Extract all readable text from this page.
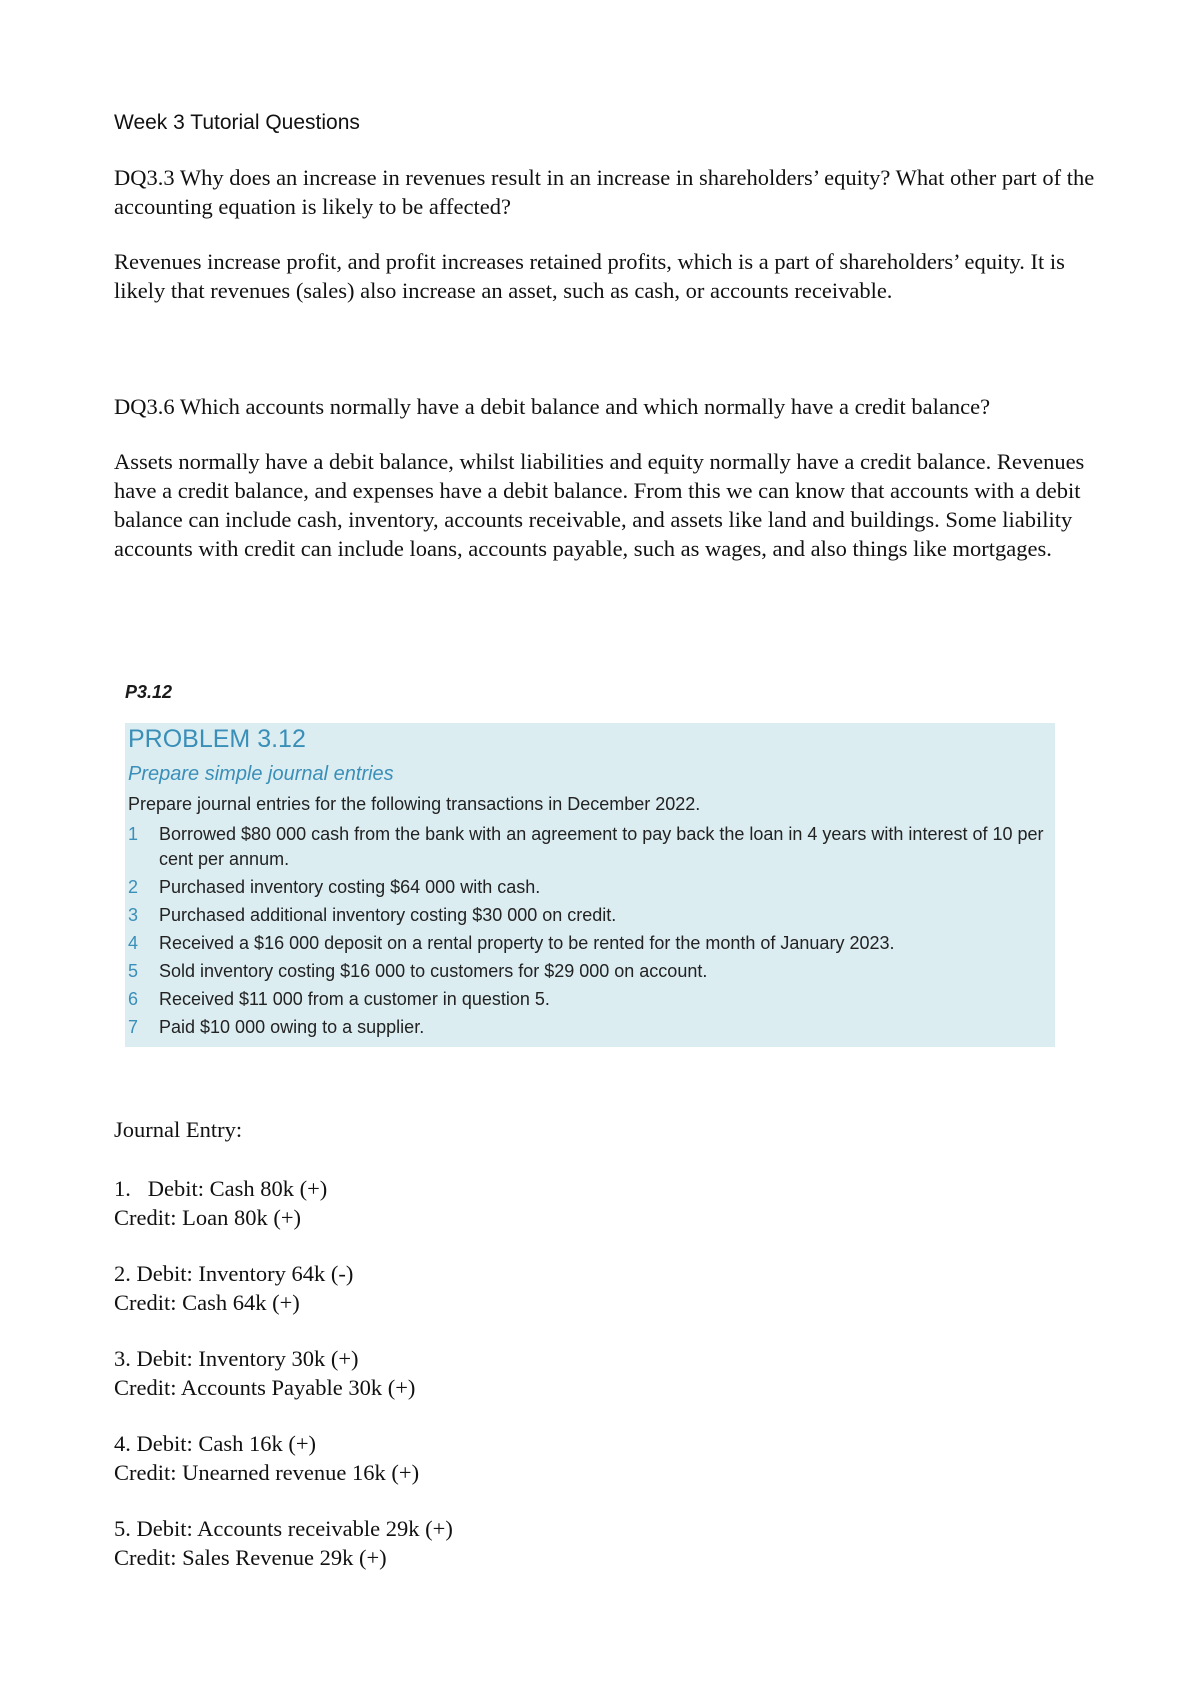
Week 3 Tutorial Questions

DQ3.3 Why does an increase in revenues result in an increase in shareholders’ equity? What other part of the accounting equation is likely to be affected?

Revenues increase profit, and profit increases retained profits, which is a part of shareholders’ equity. It is likely that revenues (sales) also increase an asset, such as cash, or accounts receivable.

DQ3.6 Which accounts normally have a debit balance and which normally have a credit balance?

Assets normally have a debit balance, whilst liabilities and equity normally have a credit balance. Revenues have a credit balance, and expenses have a debit balance. From this we can know that accounts with a debit balance can include cash, inventory, accounts receivable, and assets like land and buildings. Some liability accounts with credit can include loans, accounts payable, such as wages, and also things like mortgages.

P3.12
PROBLEM 3.12
Prepare simple journal entries
Prepare journal entries for the following transactions in December 2022.
1	Borrowed $80 000 cash from the bank with an agreement to pay back the loan in 4 years with interest of 10 per cent per annum.
2	Purchased inventory costing $64 000 with cash.
3	Purchased additional inventory costing $30 000 on credit.
4	Received a $16 000 deposit on a rental property to be rented for the month of January 2023.
5	Sold inventory costing $16 000 to customers for $29 000 on account.
6	Received $11 000 from a customer in question 5.
7	Paid $10 000 owing to a supplier.
Journal Entry:
1.   Debit: Cash 80k (+)
Credit: Loan 80k (+)
2. Debit: Inventory 64k (-)
Credit: Cash 64k (+)
3. Debit: Inventory 30k (+)
Credit: Accounts Payable 30k (+)
4. Debit: Cash 16k (+)
Credit: Unearned revenue 16k (+)
5. Debit: Accounts receivable 29k (+)
Credit: Sales Revenue 29k (+)
